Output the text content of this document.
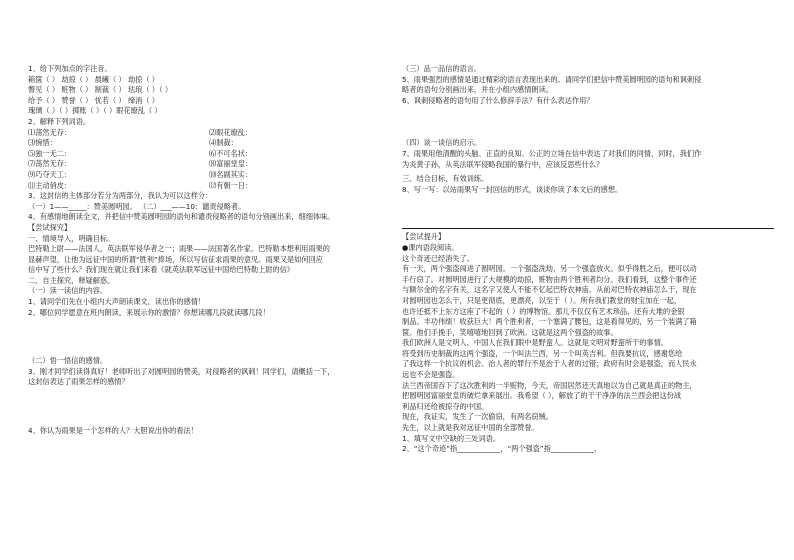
1、给下列加点的字注音。
箱箧（ ） 劫掠（ ） 晨曦（ ） 劫掠（ ）
瞥见（ ） 赃物（ ） 制裁（ ） 珐琅（ ）（ ）
给予（ ） 赞誉（ ） 忧若（ ） 缔消（ ）
瑰璃（ ）（ ）掷账（ ）（ ）眼花缭乱（ ）
2、解释下列词语。
⑴荡然无存：	⑵眼花缭乱：
⑶惋惜：	⑷制裁：
⑸独一无二：	⑹不可名状：
⑺荡然无存：	⑻富丽堂皇：
⑼巧夺天工：	⑽名副其实：
⑾主动俏皮：	⑿有朝一日：
3、这封信的主体部分若分为两部分，我认为可以这样分：
（一）1——_____：赞美圆明园。 （二）___——10：谴责侵略者。
4、有感情地朗读全文，并把信中赞美圆明园的语句和谴责侵略者的语句分别画出来，细细体味。
【尝试探究】
一、情境导入，明确目标。
巴特勒上尉——法国人，英法联军侵华者之一；雨果——法国著名作家。巴特勒本想利用雨果的
显赫声望，让他为远征中国的所谓“胜利”捧场，所以写信征求雨果的意见。雨果又是如何回应
信中写了些什么？我们现在就让我们来看《就英法联军远征中国给巴特勒上尉的信》
二、自主探究，释疑解惑。
（一）读一读信的内容。
1、请同学们先在小组内大声朗读课文，读出你的感情！
2、哪位同学愿意在班内朗读，来展示你的激情？你想读哪几段就读哪几段！
（二）悟一悟信的感情。
3、刚才同学们读得真好！老师听出了对圆明园的赞美，对侵略者的讽刺！同学们，请概括一下，
这封信表达了雨果怎样的感情？
4、你认为雨果是一个怎样的人？大胆说出你的看法！
（三）品一品信的语言。
5、雨果强烈的感情是通过精彩的语言表现出来的。请同学们把信中赞美圆明园的语句和讽刺侵
略者的语句分别画出来，并在小组内感情朗读。
6、讽刺侵略者的语句用了什么修辞手法？有什么表达作用？
（四）谈一谈信的启示。
7、雨果用他清醒的头脑、正直的良知、公正的立场在信中表达了对我们的同情，同时，我们作
为炎黄子孙，从英法联军侵略我国的暴行中，应该反思些什么？
三、结合目标，有效训练。
8、写一写：以站雨果写一封回信的形式，谈谈你读了本文后的感想。
【尝试提升】
●课内语段阅读。
这个奇迹已经消失了。
有一天，两个强盗闯进了圆明园。一个强盗洗劫，另一个强盗放火。似乎得胜之后，便可以动
手行窃了。对圆明园进行了大规模的劫掠，赃物由两个胜利者均分。我们看到，这整个事件还
与额尔金的名字有关，这名字又使人不能不忆起巴特农神庙。从前对巴特农神庙怎么干，现在
对圆明园也怎么干，只是更彻底，更漂亮，以至于（ ）。所有我们教堂的财宝加在一起，
也许还抵不上东方这座了不起的（ ）的博物馆。那儿不仅仅有艺术珍品，还有大堆的金银
制品。丰功伟绩！收获巨大！两个胜利者，一个塞满了腰包，这是看得见的，另一个装满了箱
箧。他们手挽手，笑嘻嘻地回到了欧洲。这就是这两个强盗的故事。
我们欧洲人是文明人，中国人在我们眼中是野蛮人。这就是文明对野蛮所干的事情。
将受到历史制裁的这两个强盗，一个叫法兰西，另一个叫英吉利。但我要抗议，感谢您给
了我这样一个抗议的机会。治人者的罪行不是治于人者的过错；政府有时会是强盗，而人民永
远也不会是强盗。
法兰西帝国吞下了这次胜利的一半赃物，今天，帝国居然还天真地以为自己就是真正的物主，
把圆明园富丽堂皇的破烂拿来展出。我希望（ ），解放了的干干净净的法兰西会把这份战
利品归还给被掠夺的中国。
现在，我证实，发生了一次偷窃，有两名窃贼。
先生，以上就是我对远征中国的全部赞誉。
1、填写文中空缺的三处词语。
2、“这个奇迹”指____________，“两个强盗”指____________、
